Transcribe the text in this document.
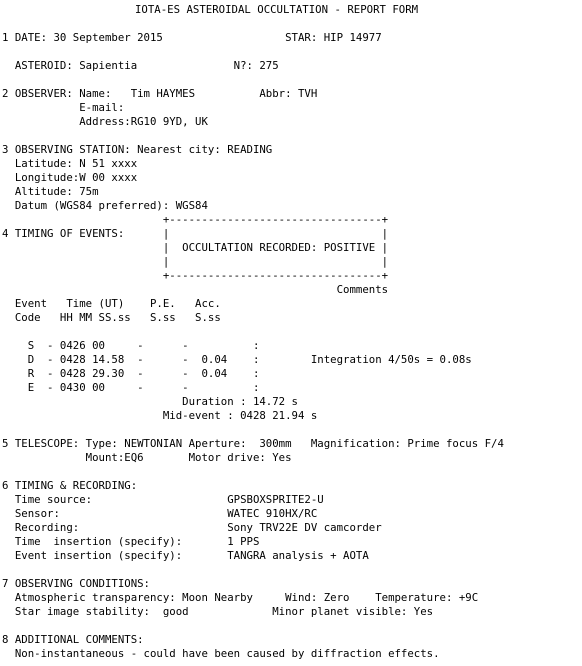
IOTA-ES ASTEROIDAL OCCULTATION - REPORT FORM
1 DATE: 30 September 2015                   STAR: HIP 14977
ASTEROID: Sapientia               N?: 275
2 OBSERVER: Name:   Tim HAYMES          Abbr: TVH
E-mail:
Address:RG10 9YD, UK
3 OBSERVING STATION: Nearest city: READING
Latitude: N 51 xxxx
Longitude:W 00 xxxx
Altitude: 75m
Datum (WGS84 preferred): WGS84
+---------------------------------+
4 TIMING OF EVENTS:      |                                 |
|  OCCULTATION RECORDED: POSITIVE |
|                                 |
+---------------------------------+
Comments
Event   Time (UT)    P.E.   Acc.
Code   HH MM SS.ss   S.ss   S.ss
S  - 0426 00     -      -          :
D  - 0428 14.58  -      -  0.04    :        Integration 4/50s = 0.08s
R  - 0428 29.30  -      -  0.04    :
E  - 0430 00     -      -          :
Duration : 14.72 s
Mid-event : 0428 21.94 s
5 TELESCOPE: Type: NEWTONIAN Aperture:  300mm   Magnification: Prime focus F/4
Mount:EQ6       Motor drive: Yes
6 TIMING & RECORDING:
Time source:                     GPSBOXSPRITE2-U
Sensor:                          WATEC 910HX/RC
Recording:                       Sony TRV22E DV camcorder
Time  insertion (specify):       1 PPS
Event insertion (specify):       TANGRA analysis + AOTA
7 OBSERVING CONDITIONS:
Atmospheric transparency: Moon Nearby     Wind: Zero    Temperature: +9C
Star image stability:  good             Minor planet visible: Yes
8 ADDITIONAL COMMENTS:
Non-instantaneous - could have been caused by diffraction effects.
